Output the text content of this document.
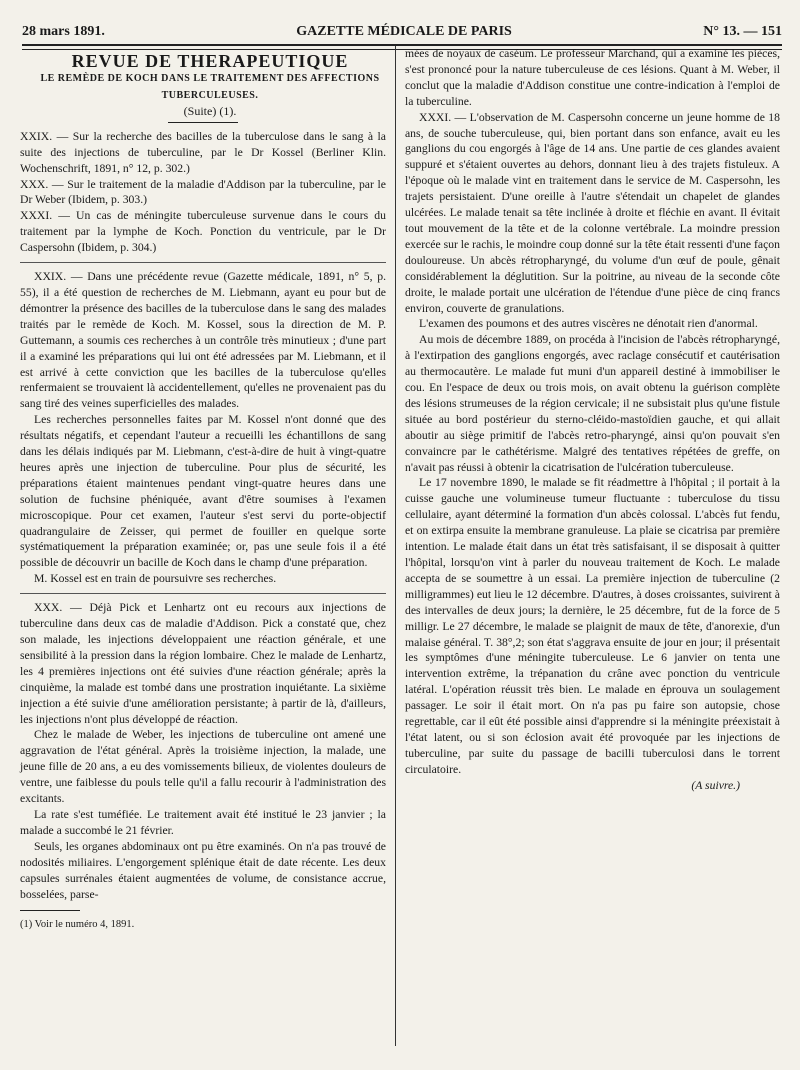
28 mars 1891.	GAZETTE MÉDICALE DE PARIS	N° 13. — 151

REVUE DE THERAPEUTIQUE

LE REMÈDE DE KOCH DANS LE TRAITEMENT DES AFFECTIONS

TUBERCULEUSES.

(Suite) (1).

XXIX. — Sur la recherche des bacilles de la tuberculose dans le sang à la suite des injections de tuberculine, par le Dr Kossel (Berliner Klin. Wochenschrift, 1891, n° 12, p. 302.)

XXX. — Sur le traitement de la maladie d'Addison par la tuberculine, par le Dr Weber (Ibidem, p. 303.)

XXXI. — Un cas de méningite tuberculeuse survenue dans le cours du traitement par la lymphe de Koch. Ponction du ventricule, par le Dr Caspersohn (Ibidem, p. 304.)

XXIX. — Dans une précédente revue (Gazette médicale, 1891, n° 5, p. 55), il a été question de recherches de M. Liebmann, ayant eu pour but de démontrer la présence des bacilles de la tuberculose dans le sang des malades traités par le remède de Koch. M. Kossel, sous la direction de M. P. Guttemann, a soumis ces recherches à un contrôle très minutieux ; d'une part il a examiné les préparations qui lui ont été adressées par M. Liebmann, et il est arrivé à cette conviction que les bacilles de la tuberculose qu'elles renfermaient se trouvaient là accidentellement, qu'elles ne provenaient pas du sang tiré des veines superficielles des malades.

Les recherches personnelles faites par M. Kossel n'ont donné que des résultats négatifs, et cependant l'auteur a recueilli les échantillons de sang dans les délais indiqués par M. Liebmann, c'est-à-dire de huit à vingt-quatre heures après une injection de tuberculine. Pour plus de sécurité, les préparations étaient maintenues pendant vingt-quatre heures dans une solution de fuchsine phéniquée, avant d'être soumises à l'examen microscopique. Pour cet examen, l'auteur s'est servi du porte-objectif quadrangulaire de Zeisser, qui permet de fouiller en quelque sorte systématiquement la préparation examinée; or, pas une seule fois il a été possible de découvrir un bacille de Koch dans le champ d'une préparation.

M. Kossel est en train de poursuivre ses recherches.

XXX. — Déjà Pick et Lenhartz ont eu recours aux injections de tuberculine dans deux cas de maladie d'Addison. Pick a constaté que, chez son malade, les injections développaient une réaction générale, et une sensibilité à la pression dans la région lombaire. Chez le malade de Lenhartz, les 4 premières injections ont été suivies d'une réaction générale; après la cinquième, la malade est tombé dans une prostration inquiétante. La sixième injection a été suivie d'une amélioration persistante; à partir de là, d'ailleurs, les injections n'ont plus développé de réaction.

Chez le malade de Weber, les injections de tuberculine ont amené une aggravation de l'état général. Après la troisième injection, la malade, une jeune fille de 20 ans, a eu des vomissements bilieux, de violentes douleurs de ventre, une faiblesse du pouls telle qu'il a fallu recourir à l'administration des excitants.

La rate s'est tuméfiée. Le traitement avait été institué le 23 janvier ; la malade a succombé le 21 février.

Seuls, les organes abdominaux ont pu être examinés. On n'a pas trouvé de nodosités miliaires. L'engorgement splénique était de date récente. Les deux capsules surrénales étaient augmentées de volume, de consistance accrue, bosselées, parse-

(1) Voir le numéro 4, 1891.

mées de noyaux de caséum. Le professeur Marchand, qui a examiné les pièces, s'est prononcé pour la nature tuberculeuse de ces lésions. Quant à M. Weber, il conclut que la maladie d'Addison constitue une contre-indication à l'emploi de la tuberculine.

XXXI. — L'observation de M. Caspersohn concerne un jeune homme de 18 ans, de souche tuberculeuse, qui, bien portant dans son enfance, avait eu les ganglions du cou engorgés à l'âge de 14 ans. Une partie de ces glandes avaient suppuré et s'étaient ouvertes au dehors, donnant lieu à des trajets fistuleux. A l'époque où le malade vint en traitement dans le service de M. Caspersohn, les trajets persistaient. D'une oreille à l'autre s'étendait un chapelet de glandes ulcérées. Le malade tenait sa tête inclinée à droite et fléchie en avant. Il évitait tout mouvement de la tête et de la colonne vertébrale. La moindre pression exercée sur le rachis, le moindre coup donné sur la tête était ressenti d'une façon douloureuse. Un abcès rétropharyngé, du volume d'un œuf de poule, gênait considérablement la déglutition. Sur la poitrine, au niveau de la seconde côte droite, le malade portait une ulcération de l'étendue d'une pièce de cinq francs environ, couverte de granulations.

L'examen des poumons et des autres viscères ne dénotait rien d'anormal.

Au mois de décembre 1889, on procéda à l'incision de l'abcès rétropharyngé, à l'extirpation des ganglions engorgés, avec raclage consécutif et cautérisation au thermocautère. Le malade fut muni d'un appareil destiné à immobiliser le cou. En l'espace de deux ou trois mois, on avait obtenu la guérison complète des lésions strumeuses de la région cervicale; il ne subsistait plus qu'une fistule située au bord postérieur du sterno-cléido-mastoïdien gauche, et qui allait aboutir au siège primitif de l'abcès retro-pharyngé, ainsi qu'on pouvait s'en convaincre par le cathétérisme. Malgré des tentatives répétées de greffe, on n'avait pas réussi à obtenir la cicatrisation de l'ulcération tuberculeuse.

Le 17 novembre 1890, le malade se fit réadmettre à l'hôpital ; il portait à la cuisse gauche une volumineuse tumeur fluctuante : tuberculose du tissu cellulaire, ayant déterminé la formation d'un abcès colossal. L'abcès fut fendu, et on extirpa ensuite la membrane granuleuse. La plaie se cicatrisa par première intention. Le malade était dans un état très satisfaisant, il se disposait à quitter l'hôpital, lorsqu'on vint à parler du nouveau traitement de Koch. Le malade accepta de se soumettre à un essai. La première injection de tuberculine (2 milligrammes) eut lieu le 12 décembre. D'autres, à doses croissantes, suivirent à des intervalles de deux jours; la dernière, le 25 décembre, fut de la force de 5 milligr. Le 27 décembre, le malade se plaignit de maux de tête, d'anorexie, d'un malaise général. T. 38°,2; son état s'aggrava ensuite de jour en jour; il présentait les symptômes d'une méningite tuberculeuse. Le 6 janvier on tenta une intervention extrême, la trépanation du crâne avec ponction du ventricule latéral. L'opération réussit très bien. Le malade en éprouva un soulagement passager. Le soir il était mort. On n'a pas pu faire son autopsie, chose regrettable, car il eût été possible ainsi d'apprendre si la méningite préexistait à l'état latent, ou si son éclosion avait été provoquée par les injections de tuberculine, par suite du passage de bacilli tuberculosi dans le torrent circulatoire.

(A suivre.)
